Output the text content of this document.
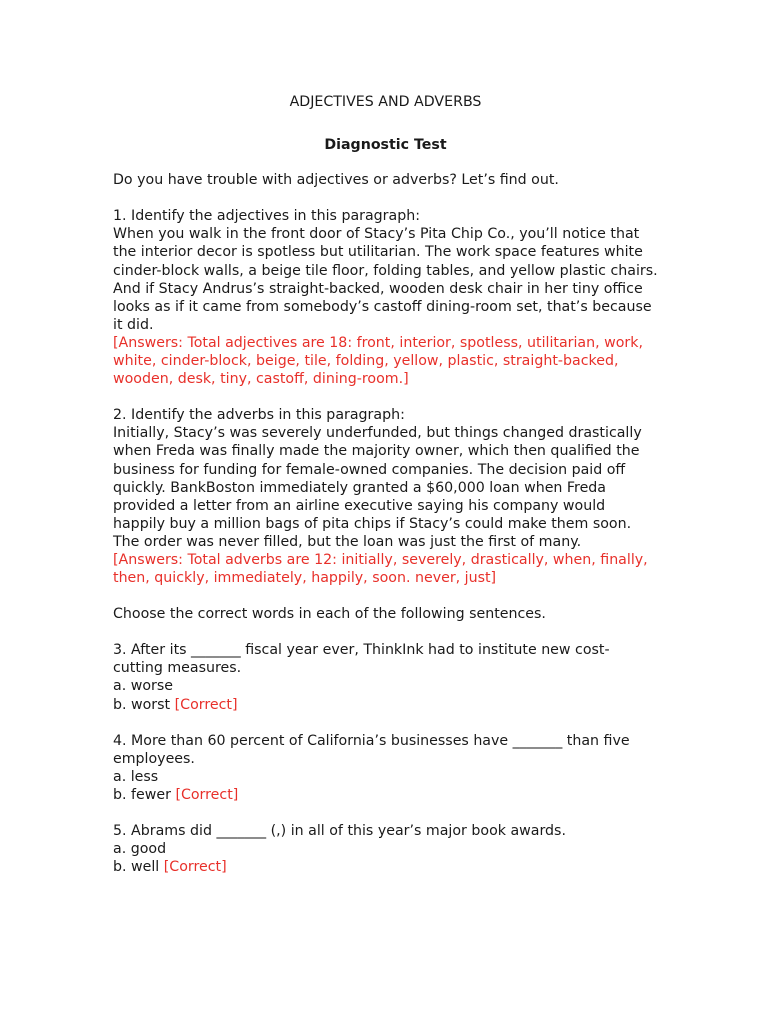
ADJECTIVES AND ADVERBS

Diagnostic Test

Do you have trouble with adjectives or adverbs? Let’s find out.

1. Identify the adjectives in this paragraph:

When you walk in the front door of Stacy’s Pita Chip Co., you’ll notice that the interior decor is spotless but utilitarian. The work space features white cinder-block walls, a beige tile floor, folding tables, and yellow plastic chairs. And if Stacy Andrus’s straight-backed, wooden desk chair in her tiny office looks as if it came from somebody’s castoff dining-room set, that’s because it did.

[Answers: Total adjectives are 18: front, interior, spotless, utilitarian, work, white, cinder-block, beige, tile, folding, yellow, plastic, straight-backed, wooden, desk, tiny, castoff, dining-room.]

2. Identify the adverbs in this paragraph:

Initially, Stacy’s was severely underfunded, but things changed drastically when Freda was finally made the majority owner, which then qualified the business for funding for female-owned companies. The decision paid off quickly. BankBoston immediately granted a $60,000 loan when Freda provided a letter from an airline executive saying his company would happily buy a million bags of pita chips if Stacy’s could make them soon. The order was never filled, but the loan was just the first of many.

[Answers: Total adverbs are 12: initially, severely, drastically, when, finally, then, quickly, immediately, happily, soon. never, just]

Choose the correct words in each of the following sentences.

3. After its _______ fiscal year ever, ThinkInk had to institute new cost-cutting measures.

a. worse
b. worst [Correct]

4. More than 60 percent of California’s businesses have _______ than five employees.

a. less
b. fewer [Correct]

5. Abrams did _______ (,) in all of this year’s major book awards.

a. good
b. well [Correct]
